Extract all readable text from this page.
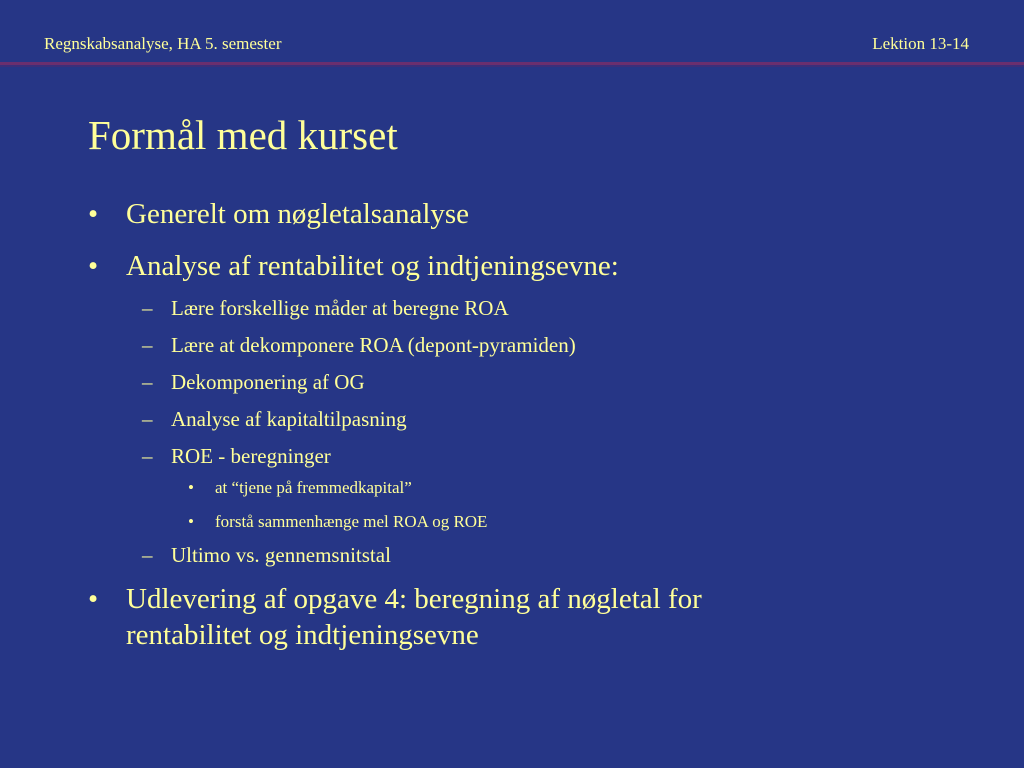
Regnskabsanalyse, HA 5. semester	Lektion 13-14
Formål med kurset
• Generelt om nøgletalsanalyse
• Analyse af rentabilitet og indtjeningsevne:
– Lære forskellige måder at beregne ROA
– Lære at dekomponere ROA (depont-pyramiden)
– Dekomponering af OG
– Analyse af kapitaltilpasning
– ROE - beregninger
• at “tjene på fremmedkapital”
• forstå sammenhænge mel ROA og ROE
– Ultimo vs. gennemsnitstal
• Udlevering af opgave 4: beregning af nøgletal for
rentabilitet og indtjeningsevne
